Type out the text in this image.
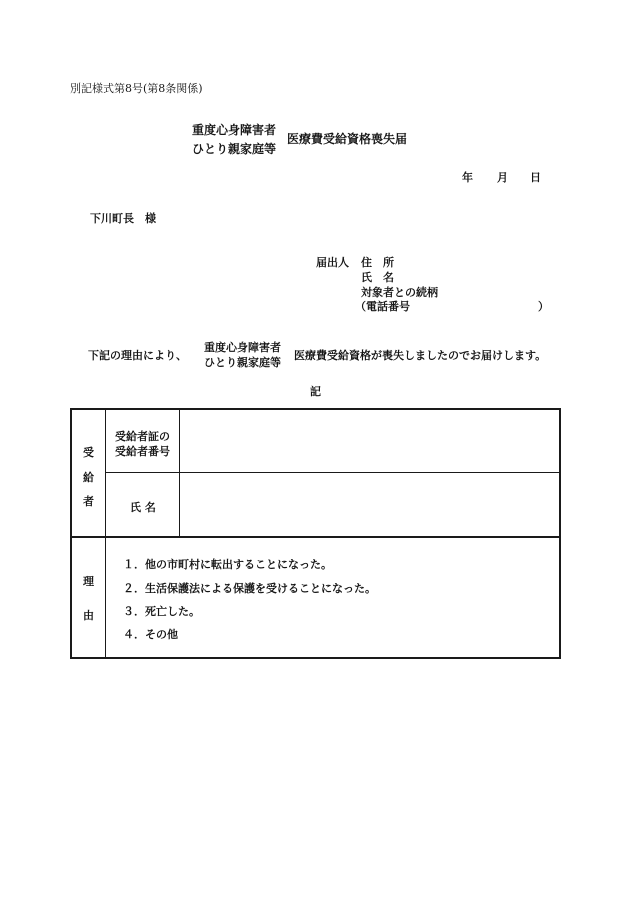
別記様式第8号(第8条関係)
重度心身障害者
ひとり親家庭等
医療費受給資格喪失届
年 月 日
下川町長　様
届出人 住　所
氏　名
対象者との続柄
（電話番号	）
下記の理由により、
重度心身障害者
ひとり親家庭等
医療費受給資格が喪失しましたのでお届けします。
記
受
給
者
受給者証の
受給者番号
氏 名
理
由
１．他の市町村に転出することになった。
２．生活保護法による保護を受けることになった。
３．死亡した。
４．その他
